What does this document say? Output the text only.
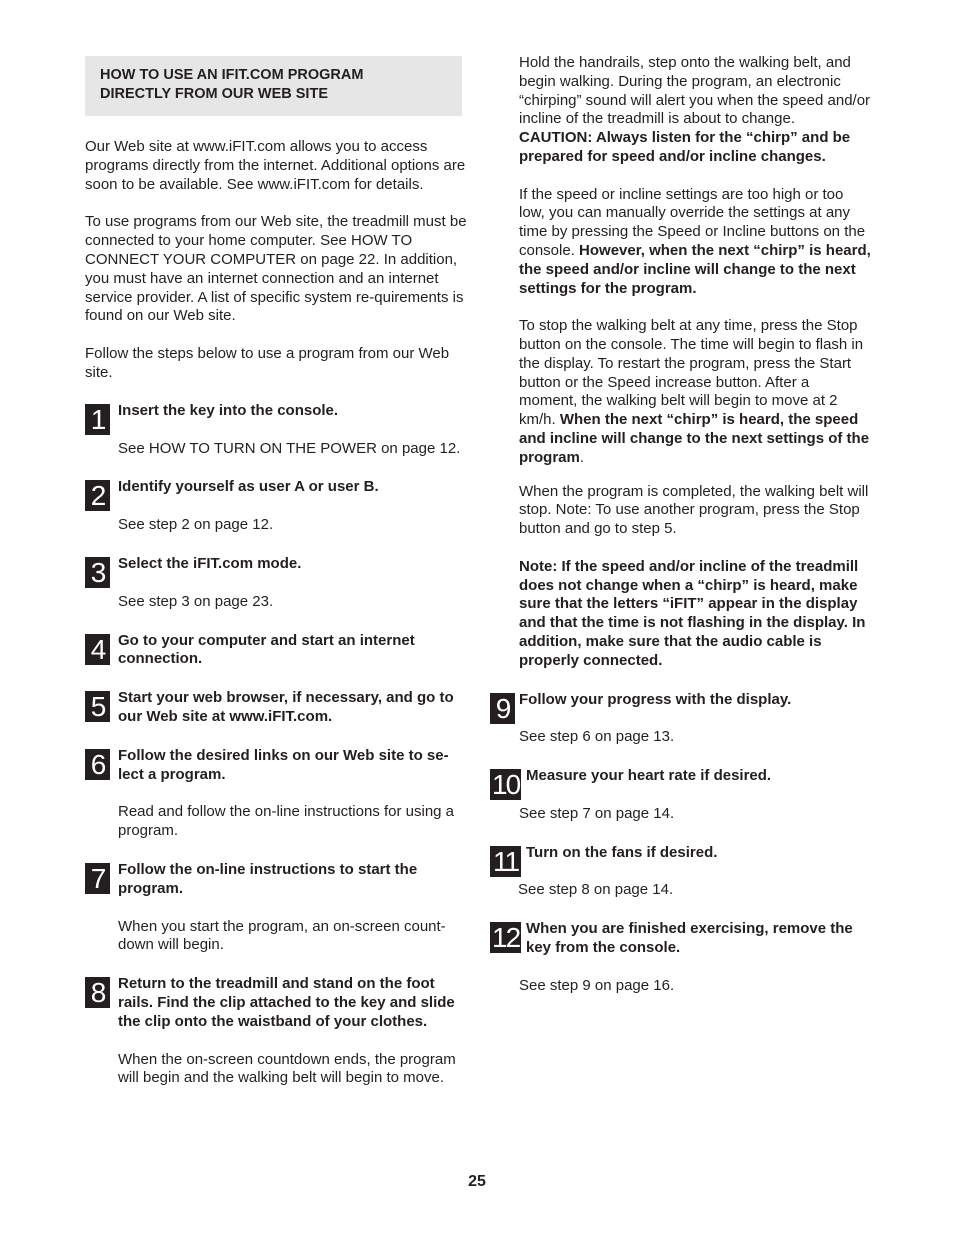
HOW TO USE AN IFIT.COM PROGRAM
DIRECTLY FROM OUR WEB SITE

Our Web site at www.iFIT.com allows you to access programs directly from the internet. Additional options are soon to be available. See www.iFIT.com for details.

To use programs from our Web site, the treadmill must be connected to your home computer. See HOW TO CONNECT YOUR COMPUTER on page 22. In addition, you must have an internet connection and an internet service provider. A list of specific system re-quirements is found on our Web site.

Follow the steps below to use a program from our Web site.

1 Insert the key into the console.
See HOW TO TURN ON THE POWER on page 12.
2 Identify yourself as user A or user B.
See step 2 on page 12.
3 Select the iFIT.com mode.
See step 3 on page 23.
4 Go to your computer and start an internet connection.
5 Start your web browser, if necessary, and go to our Web site at www.iFIT.com.
6 Follow the desired links on our Web site to se-lect a program.
Read and follow the on-line instructions for using a program.
7 Follow the on-line instructions to start the program.
When you start the program, an on-screen count-down will begin.
8 Return to the treadmill and stand on the foot rails. Find the clip attached to the key and slide the clip onto the waistband of your clothes.
When the on-screen countdown ends, the program will begin and the walking belt will begin to move.

Hold the handrails, step onto the walking belt, and begin walking. During the program, an electronic “chirping” sound will alert you when the speed and/or incline of the treadmill is about to change. CAUTION: Always listen for the “chirp” and be prepared for speed and/or incline changes.

If the speed or incline settings are too high or too low, you can manually override the settings at any time by pressing the Speed or Incline buttons on the console. However, when the next “chirp” is heard, the speed and/or incline will change to the next settings for the program.

To stop the walking belt at any time, press the Stop button on the console. The time will begin to flash in the display. To restart the program, press the Start button or the Speed increase button. After a moment, the walking belt will begin to move at 2 km/h. When the next “chirp” is heard, the speed and incline will change to the next settings of the program.

When the program is completed, the walking belt will stop. Note: To use another program, press the Stop button and go to step 5.

Note: If the speed and/or incline of the treadmill does not change when a “chirp” is heard, make sure that the letters “iFIT” appear in the display and that the time is not flashing in the display. In addition, make sure that the audio cable is properly connected.

9 Follow your progress with the display.
See step 6 on page 13.
10 Measure your heart rate if desired.
See step 7 on page 14.
11 Turn on the fans if desired.
See step 8 on page 14.
12 When you are finished exercising, remove the key from the console.
See step 9 on page 16.
25
